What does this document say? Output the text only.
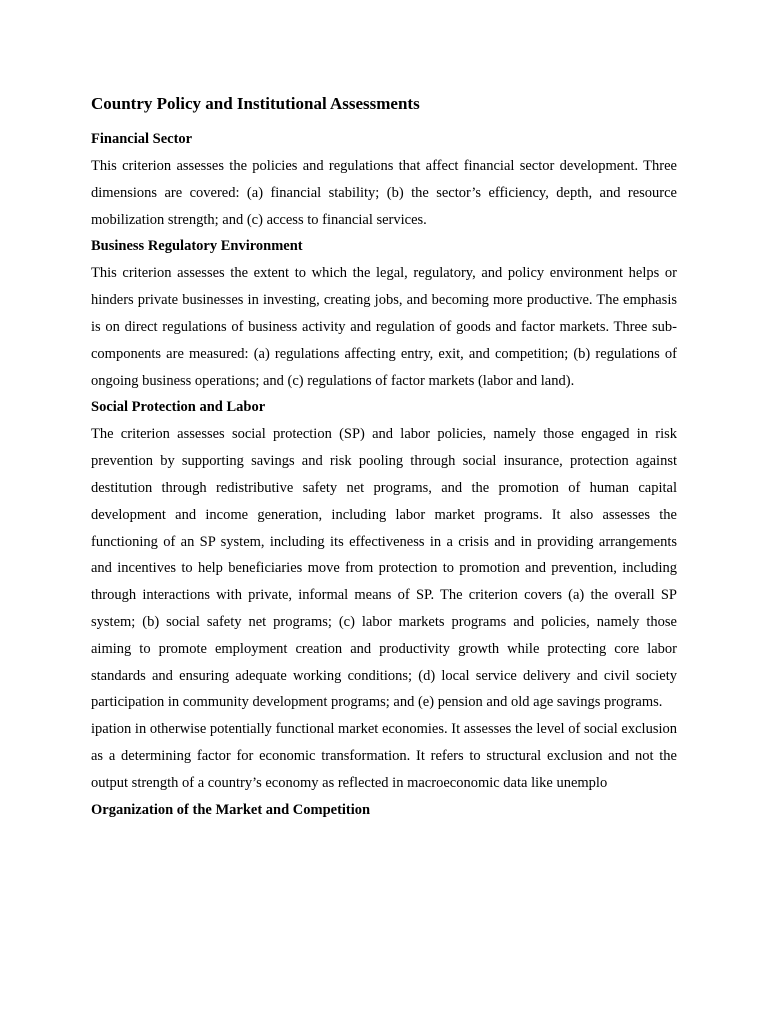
Country Policy and Institutional Assessments
Financial Sector

This criterion assesses the policies and regulations that affect financial sector development. Three dimensions are covered: (a) financial stability; (b) the sector’s efficiency, depth, and resource mobilization strength; and (c) access to financial services.

Business Regulatory Environment

This criterion assesses the extent to which the legal, regulatory, and policy environment helps or hinders private businesses in investing, creating jobs, and becoming more productive. The emphasis is on direct regulations of business activity and regulation of goods and factor markets. Three sub-components are measured: (a) regulations affecting entry, exit, and competition; (b) regulations of ongoing business operations; and (c) regulations of factor markets (labor and land).

Social Protection and Labor

The criterion assesses social protection (SP) and labor policies, namely those engaged in risk prevention by supporting savings and risk pooling through social insurance, protection against destitution through redistributive safety net programs, and the promotion of human capital development and income generation, including labor market programs. It also assesses the functioning of an SP system, including its effectiveness in a crisis and in providing arrangements and incentives to help beneficiaries move from protection to promotion and prevention, including through interactions with private, informal means of SP. The criterion covers (a) the overall SP system; (b) social safety net programs; (c) labor markets programs and policies, namely those aiming to promote employment creation and productivity growth while protecting core labor standards and ensuring adequate working conditions; (d) local service delivery and civil society participation in community development programs; and (e) pension and old age savings programs.

ipation in otherwise potentially functional market economies. It assesses the level of social exclusion as a determining factor for economic transformation. It refers to structural exclusion and not the output strength of a country’s economy as reflected in macroeconomic data like unemplo

Organization of the Market and Competition
